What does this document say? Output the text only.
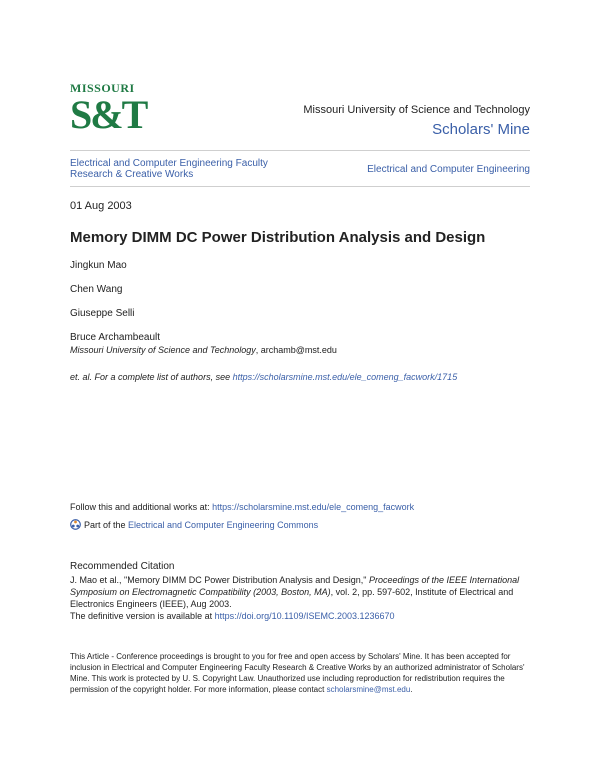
MISSOURI
S&T	Missouri University of Science and Technology
Scholars' Mine
Electrical and Computer Engineering Faculty Research & Creative Works	Electrical and Computer Engineering
01 Aug 2003
Memory DIMM DC Power Distribution Analysis and Design
Jingkun Mao
Chen Wang
Giuseppe Selli
Bruce Archambeault
Missouri University of Science and Technology, archamb@mst.edu
et. al. For a complete list of authors, see https://scholarsmine.mst.edu/ele_comeng_facwork/1715
Follow this and additional works at: https://scholarsmine.mst.edu/ele_comeng_facwork
Part of the Electrical and Computer Engineering Commons
Recommended Citation
J. Mao et al., "Memory DIMM DC Power Distribution Analysis and Design," Proceedings of the IEEE International Symposium on Electromagnetic Compatibility (2003, Boston, MA), vol. 2, pp. 597-602, Institute of Electrical and Electronics Engineers (IEEE), Aug 2003.
The definitive version is available at https://doi.org/10.1109/ISEMC.2003.1236670
This Article - Conference proceedings is brought to you for free and open access by Scholars' Mine. It has been accepted for inclusion in Electrical and Computer Engineering Faculty Research & Creative Works by an authorized administrator of Scholars' Mine. This work is protected by U. S. Copyright Law. Unauthorized use including reproduction for redistribution requires the permission of the copyright holder. For more information, please contact scholarsmine@mst.edu.
